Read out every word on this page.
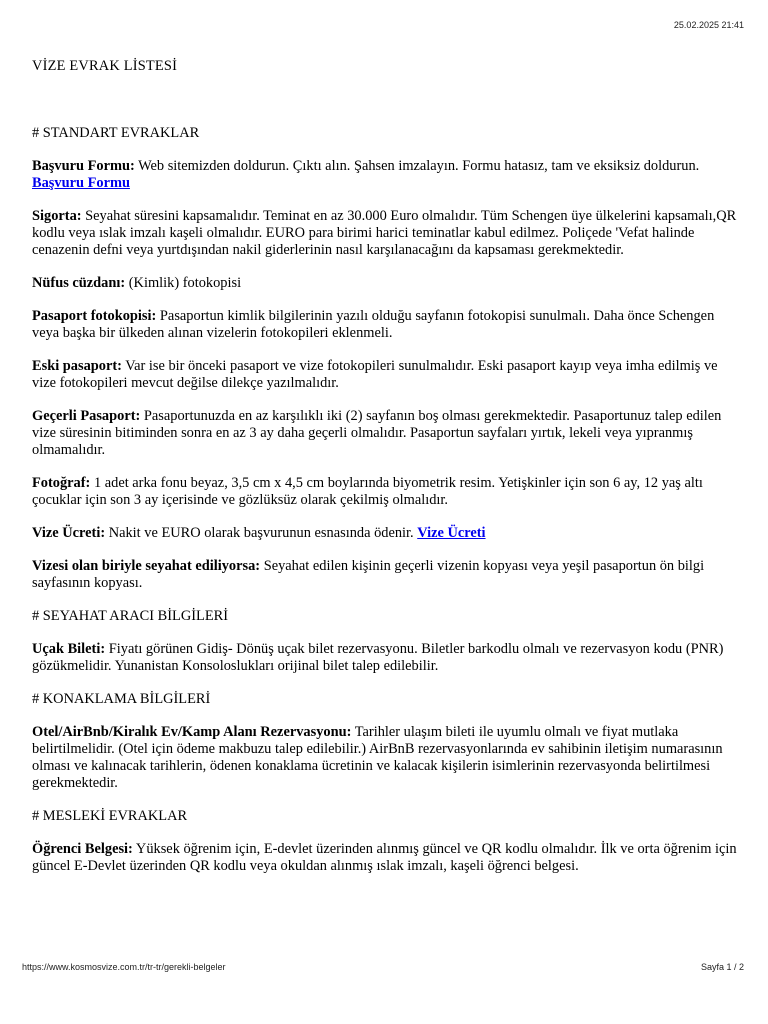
25.02.2025 21:41
VİZE EVRAK LİSTESİ
# STANDART EVRAKLAR

Başvuru Formu: Web sitemizden doldurun. Çıktı alın. Şahsen imzalayın. Formu hatasız, tam ve eksiksiz doldurun. Başvuru Formu

Sigorta: Seyahat süresini kapsamalıdır. Teminat en az 30.000 Euro olmalıdır. Tüm Schengen üye ülkelerini kapsamalı,QR kodlu veya ıslak imzalı kaşeli olmalıdır. EURO para birimi harici teminatlar kabul edilmez. Poliçede 'Vefat halinde cenazenin defni veya yurtdışından nakil giderlerinin nasıl karşılanacağını da kapsaması gerekmektedir.

Nüfus cüzdanı: (Kimlik) fotokopisi

Pasaport fotokopisi: Pasaportun kimlik bilgilerinin yazılı olduğu sayfanın fotokopisi sunulmalı. Daha önce Schengen veya başka bir ülkeden alınan vizelerin fotokopileri eklenmeli.

Eski pasaport: Var ise bir önceki pasaport ve vize fotokopileri sunulmalıdır. Eski pasaport kayıp veya imha edilmiş ve vize fotokopileri mevcut değilse dilekçe yazılmalıdır.

Geçerli Pasaport: Pasaportunuzda en az karşılıklı iki (2) sayfanın boş olması gerekmektedir. Pasaportunuz talep edilen vize süresinin bitiminden sonra en az 3 ay daha geçerli olmalıdır. Pasaportun sayfaları yırtık, lekeli veya yıpranmış olmamalıdır.

Fotoğraf: 1 adet arka fonu beyaz, 3,5 cm x 4,5 cm boylarında biyometrik resim. Yetişkinler için son 6 ay, 12 yaş altı çocuklar için son 3 ay içerisinde ve gözlüksüz olarak çekilmiş olmalıdır.

Vize Ücreti: Nakit ve EURO olarak başvurunun esnasında ödenir. Vize Ücreti

Vizesi olan biriyle seyahat ediliyorsa: Seyahat edilen kişinin geçerli vizenin kopyası veya yeşil pasaportun ön bilgi sayfasının kopyası.

# SEYAHAT ARACI BİLGİLERİ

Uçak Bileti: Fiyatı görünen Gidiş- Dönüş uçak bilet rezervasyonu. Biletler barkodlu olmalı ve rezervasyon kodu (PNR) gözükmelidir. Yunanistan Konsoloslukları orijinal bilet talep edilebilir.

# KONAKLAMA BİLGİLERİ

Otel/AirBnb/Kiralık Ev/Kamp Alanı Rezervasyonu: Tarihler ulaşım bileti ile uyumlu olmalı ve fiyat mutlaka belirtilmelidir. (Otel için ödeme makbuzu talep edilebilir.) AirBnB rezervasyonlarında ev sahibinin iletişim numarasının olması ve kalınacak tarihlerin, ödenen konaklama ücretinin ve kalacak kişilerin isimlerinin rezervasyonda belirtilmesi gerekmektedir.

# MESLEKİ EVRAKLAR

Öğrenci Belgesi: Yüksek öğrenim için, E-devlet üzerinden alınmış güncel ve QR kodlu olmalıdır. İlk ve orta öğrenim için güncel E-Devlet üzerinden QR kodlu veya okuldan alınmış ıslak imzalı, kaşeli öğrenci belgesi.

https://www.kosmosvize.com.tr/tr-tr/gerekli-belgeler	Sayfa 1 / 2
